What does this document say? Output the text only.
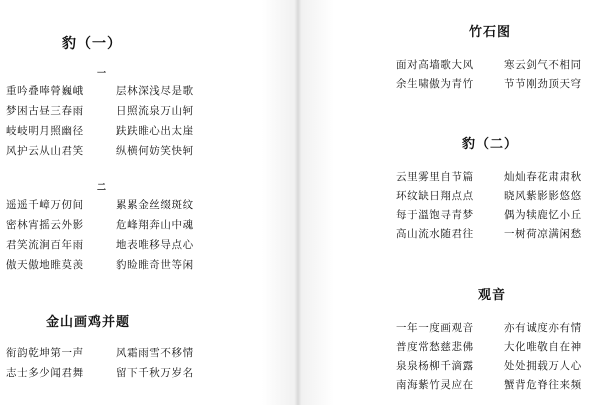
豹（一）
一
重吟叠唪膋巍峨
梦困古昼三春雨
岐岐明月照幽径
风护云从山君笑
层林深浅尽是歌
日照流泉万山轲
趺趺睢心出太崖
纵横何妨笑快轲
二
遥遥千嶂万仞间
密林宵摇云外影
君笑流涧百年雨
傲天傲地睢莫羡
累累金丝缀斑纹
危峰翔奔山中魂
地表唯移导点心
豹睑睢奇世等闲
金山画鸡并题
衔韵乾坤第一声
志士多少闻君舞
风霜雨雪不移情
留下千秋万岁名
竹石图
面对高墙歌大风
余生啸傲为青竹
寒云剑气不相同
节节刚劲顶天穹
豹（二）
云里雾里自节篇
环纹缺日翔点点
每于溫饱寻青梦
高山流水随君往
灿灿春花肃肃秋
晓风紫影影悠悠
偶为犊鹿忆小丘
一树荷凉满闲愁
观音
一年一度画观音
普度常愁慈悲佛
泉泉杨柳千滴露
南海紫竹灵应在
亦有诚度亦有情
大化唯敬自在神
处处拥载万人心
蟹背危脊往来频
